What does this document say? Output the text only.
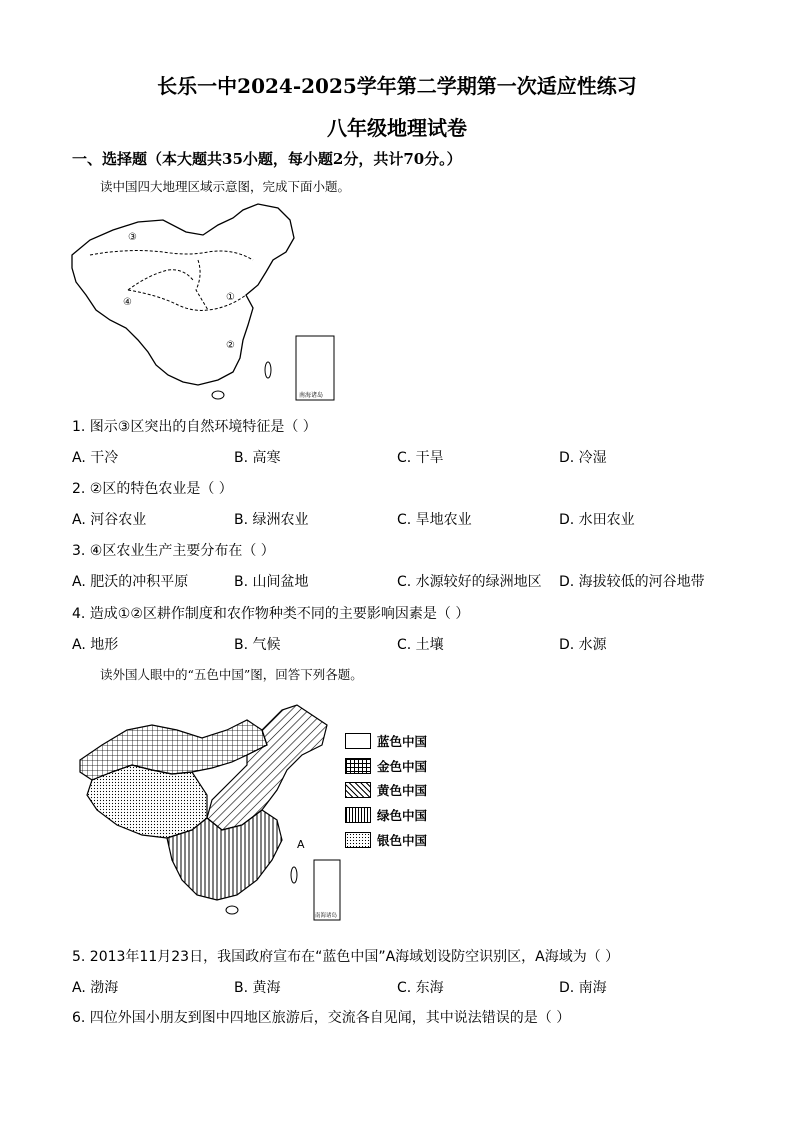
长乐一中2024-2025学年第二学期第一次适应性练习
八年级地理试卷
一、选择题（本大题共35小题，每小题2分，共计70分。）
读中国四大地理区域示意图，完成下面小题。
③
④	①
②
南海诸岛
1. 图示③区突出的自然环境特征是（ ）
A. 干冷	B. 高寒	C. 干旱	D. 冷湿
2. ②区的特色农业是（ ）
A. 河谷农业	B. 绿洲农业	C. 旱地农业	D. 水田农业
3. ④区农业生产主要分布在（ ）
A. 肥沃的冲积平原	B. 山间盆地	C. 水源较好的绿洲地区 D. 海拔较低的河谷地带
4. 造成①②区耕作制度和农作物种类不同的主要影响因素是（ ）
A. 地形	B. 气候	C. 土壤	D. 水源
读外国人眼中的“五色中国”图，回答下列各题。
A
南海诸岛
蓝色中国
金色中国
黄色中国
绿色中国
银色中国
5. 2013年11月23日，我国政府宣布在“蓝色中国”A海域划设防空识别区，A海域为（ ）
A. 渤海	B. 黄海	C. 东海	D. 南海
6. 四位外国小朋友到图中四地区旅游后，交流各自见闻，其中说法错误的是（ ）
